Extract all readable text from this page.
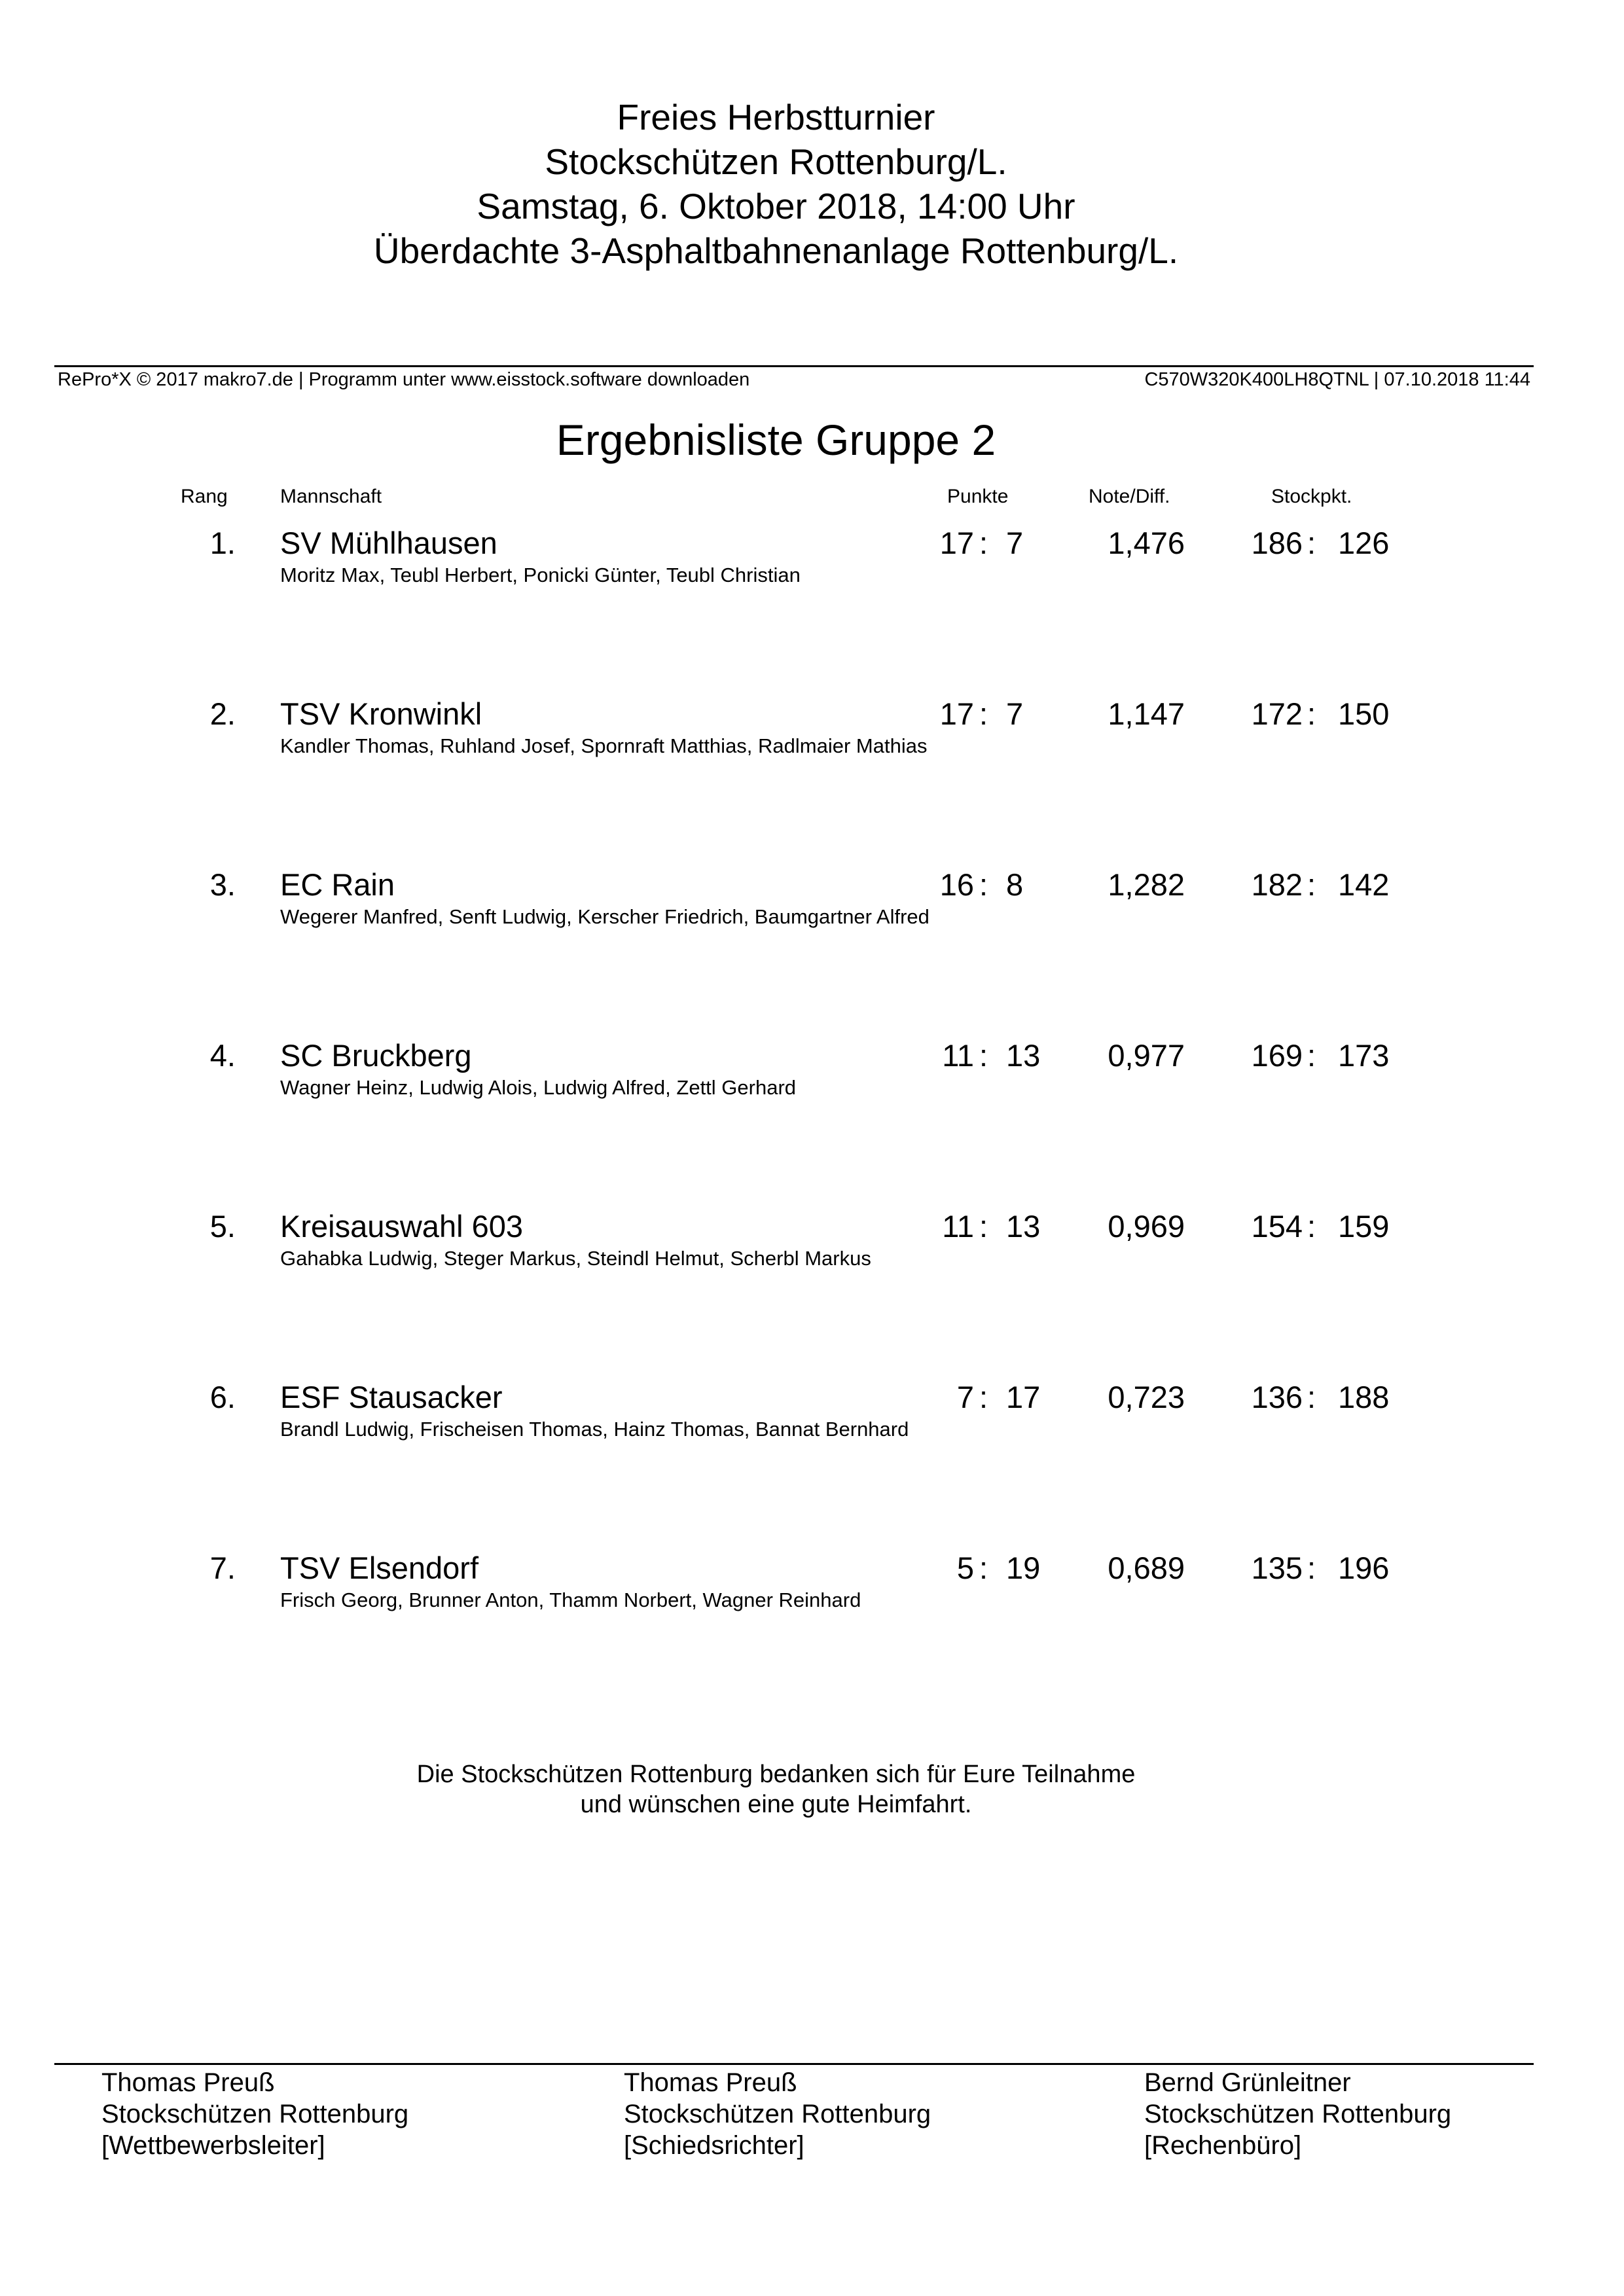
Freies Herbstturnier
Stockschützen Rottenburg/L.
Samstag, 6. Oktober 2018, 14:00 Uhr
Überdachte 3-Asphaltbahnenanlage Rottenburg/L.
RePro*X © 2017 makro7.de | Programm unter www.eisstock.software downloaden	C570W320K400LH8QTNL | 07.10.2018 11:44
Ergebnisliste Gruppe 2
Rang	Mannschaft	Punkte	Note/Diff.	Stockpkt.
1. SV Mühlhausen	17 : 7	1,476	186 : 126
Moritz Max, Teubl Herbert, Ponicki Günter, Teubl Christian
2. TSV Kronwinkl	17 : 7	1,147	172 : 150
Kandler Thomas, Ruhland Josef, Spornraft Matthias, Radlmaier Mathias
3. EC Rain	16 : 8	1,282	182 : 142
Wegerer Manfred, Senft Ludwig, Kerscher Friedrich, Baumgartner Alfred
4. SC Bruckberg	11 : 13	0,977	169 : 173
Wagner Heinz, Ludwig Alois, Ludwig Alfred, Zettl Gerhard
5. Kreisauswahl 603	11 : 13	0,969	154 : 159
Gahabka Ludwig, Steger Markus, Steindl Helmut, Scherbl Markus
6. ESF Stausacker	7 : 17	0,723	136 : 188
Brandl Ludwig, Frischeisen Thomas, Hainz Thomas, Bannat Bernhard
7. TSV Elsendorf	5 : 19	0,689	135 : 196
Frisch Georg, Brunner Anton, Thamm Norbert, Wagner Reinhard
Die Stockschützen Rottenburg bedanken sich für Eure Teilnahme
und wünschen eine gute Heimfahrt.
Thomas Preuß
Stockschützen Rottenburg
[Wettbewerbsleiter]
Thomas Preuß
Stockschützen Rottenburg
[Schiedsrichter]
Bernd Grünleitner
Stockschützen Rottenburg
[Rechenbüro]
